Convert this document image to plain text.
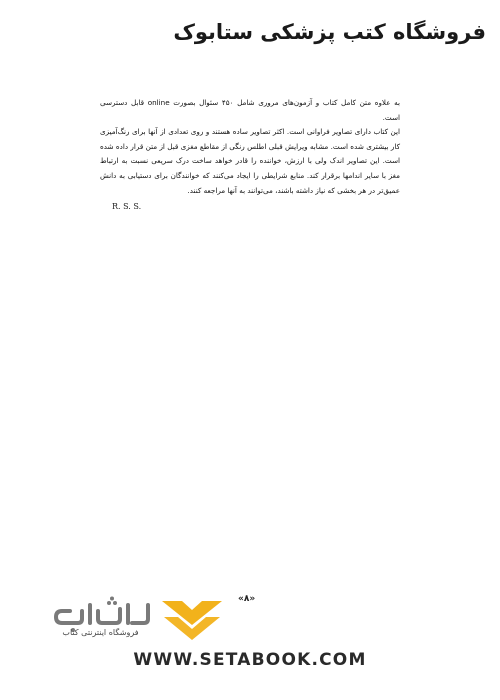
فروشگاه کتب پزشکی ستابوک

به علاوه متن کامل کتاب و آزمون‌های مروری شامل ۴۵۰ سئوال بصورت online قابل دسترسی است.

این کتاب دارای تصاویر فراوانی است. اکثر تصاویر ساده هستند و روی تعدادی از آنها برای رنگ‌آمیزی کار بیشتری شده است. مشابه ویرایش قبلی اطلس رنگی از مقاطع مغزی قبل از متن قرار داده شده است. این تصاویر اندک ولی با ارزش، خواننده را قادر خواهد ساخت درک سریعی نسبت به ارتباط مغز با سایر اندامها برقرار کند. منابع شرایطی را ایجاد می‌کنند که خوانندگان برای دستیابی به دانش عمیق‌تر در هر بخشی که نیاز داشته باشند، می‌توانند به آنها مراجعه کنند.

R. S. S.
«۸»
فروشگاه اینترنتی کتاب
WWW.SETABOOK.COM
